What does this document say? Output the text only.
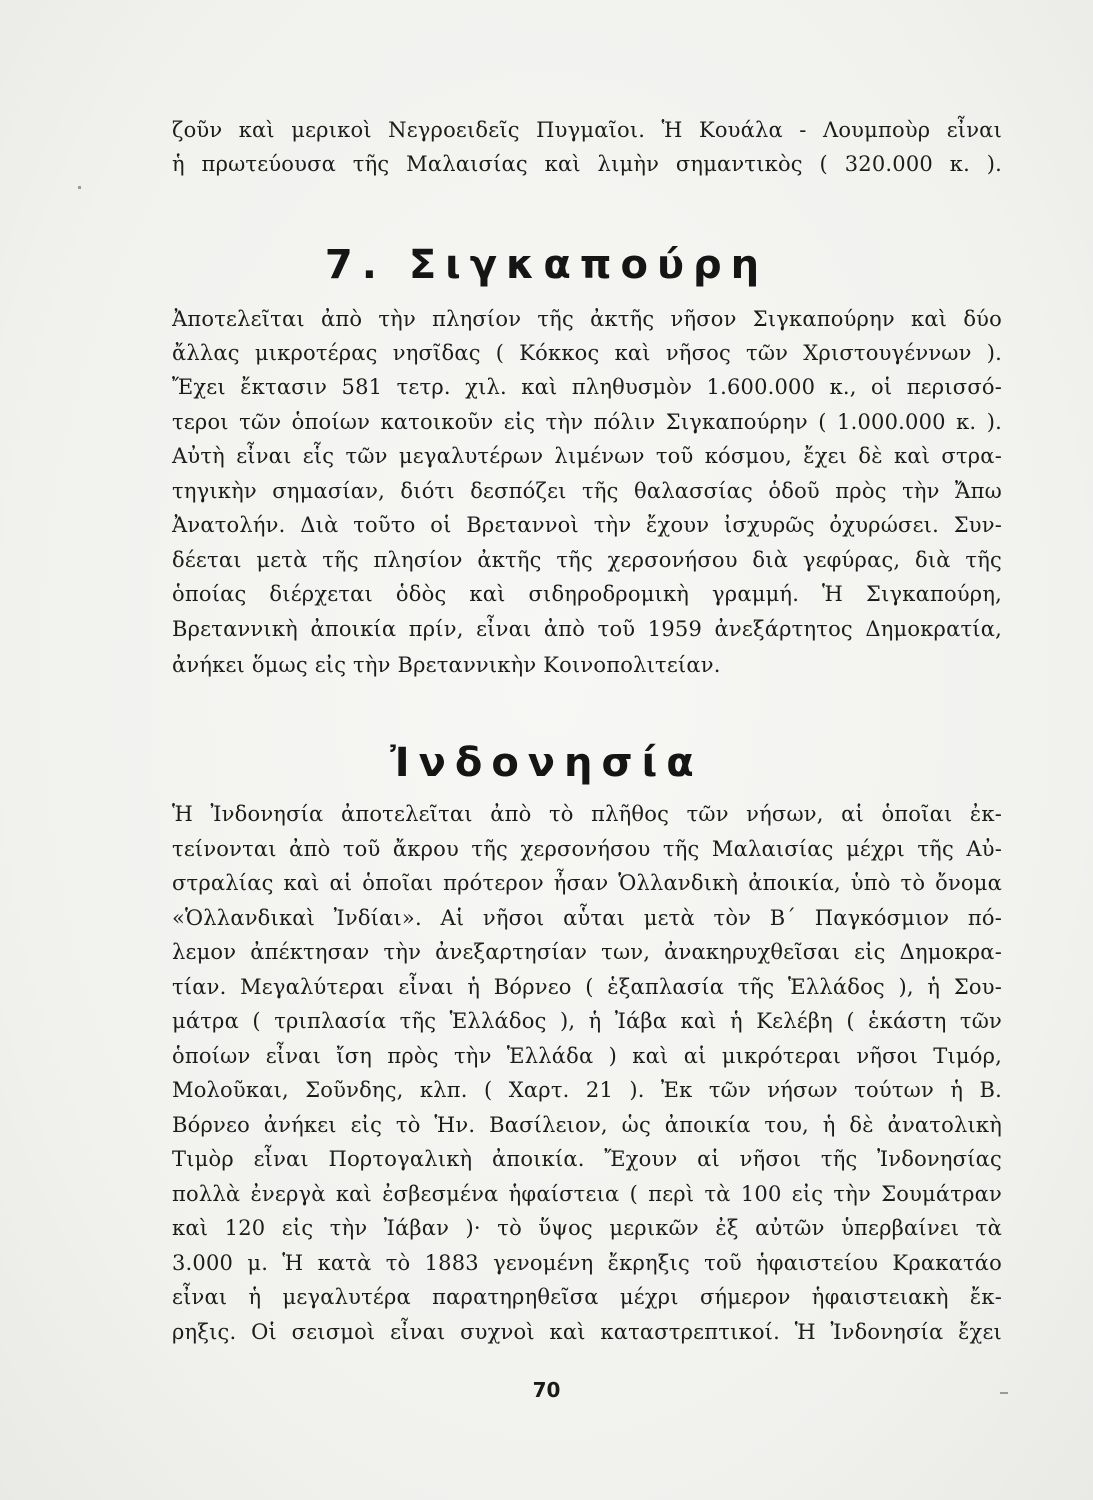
ζοῦν καὶ μερικοὶ Νεγροειδεῖς Πυγμαῖοι. Ἡ Κουάλα - Λουμποὺρ εἶναι
ἡ πρωτεύουσα τῆς Μαλαισίας καὶ λιμὴν σημαντικὸς ( 320.000 κ. ).
7. Σιγκαπούρη
Ἀποτελεῖται ἀπὸ τὴν πλησίον τῆς ἀκτῆς νῆσον Σιγκαπούρην καὶ δύο
ἄλλας μικροτέρας νησῖδας ( Κόκκος καὶ νῆσος τῶν Χριστουγέννων ).
Ἔχει ἔκτασιν 581 τετρ. χιλ. καὶ πληθυσμὸν 1.600.000 κ., οἱ περισσό-
τεροι τῶν ὁποίων κατοικοῦν εἰς τὴν πόλιν Σιγκαπούρην ( 1.000.000 κ. ).
Αὐτὴ εἶναι εἷς τῶν μεγαλυτέρων λιμένων τοῦ κόσμου, ἔχει δὲ καὶ στρα-
τηγικὴν σημασίαν, διότι δεσπόζει τῆς θαλασσίας ὁδοῦ πρὸς τὴν Ἄπω
Ἀνατολήν. Διὰ τοῦτο οἱ Βρεταννοὶ τὴν ἔχουν ἰσχυρῶς ὀχυρώσει. Συν-
δέεται μετὰ τῆς πλησίον ἀκτῆς τῆς χερσονήσου διὰ γεφύρας, διὰ τῆς
ὁποίας διέρχεται ὁδὸς καὶ σιδηροδρομικὴ γραμμή. Ἡ Σιγκαπούρη,
Βρεταννικὴ ἀποικία πρίν, εἶναι ἀπὸ τοῦ 1959 ἀνεξάρτητος Δημοκρατία,
ἀνήκει ὅμως εἰς τὴν Βρεταννικὴν Κοινοπολιτείαν.
Ἰνδονησία
Ἡ Ἰνδονησία ἀποτελεῖται ἀπὸ τὸ πλῆθος τῶν νήσων, αἱ ὁποῖαι ἐκ-
τείνονται ἀπὸ τοῦ ἄκρου τῆς χερσονήσου τῆς Μαλαισίας μέχρι τῆς Αὐ-
στραλίας καὶ αἱ ὁποῖαι πρότερον ἦσαν Ὁλλανδικὴ ἀποικία, ὑπὸ τὸ ὄνομα
«Ὁλλανδικαὶ Ἰνδίαι». Αἱ νῆσοι αὗται μετὰ τὸν Β΄ Παγκόσμιον πό-
λεμον ἀπέκτησαν τὴν ἀνεξαρτησίαν των, ἀνακηρυχθεῖσαι εἰς Δημοκρα-
τίαν. Μεγαλύτεραι εἶναι ἡ Βόρνεο ( ἑξαπλασία τῆς Ἑλλάδος ), ἡ Σου-
μάτρα ( τριπλασία τῆς Ἑλλάδος ), ἡ Ἰάβα καὶ ἡ Κελέβη ( ἑκάστη τῶν
ὁποίων εἶναι ἴση πρὸς τὴν Ἑλλάδα ) καὶ αἱ μικρότεραι νῆσοι Τιμόρ,
Μολοῦκαι, Σοῦνδης, κλπ. ( Χαρτ. 21 ). Ἐκ τῶν νήσων τούτων ἡ Β.
Βόρνεο ἀνήκει εἰς τὸ Ἡν. Βασίλειον, ὡς ἀποικία του, ἡ δὲ ἀνατολικὴ
Τιμὸρ εἶναι Πορτογαλικὴ ἀποικία. Ἔχουν αἱ νῆσοι τῆς Ἰνδονησίας
πολλὰ ἐνεργὰ καὶ ἐσβεσμένα ἡφαίστεια ( περὶ τὰ 100 εἰς τὴν Σουμάτραν
καὶ 120 εἰς τὴν Ἰάβαν )· τὸ ὕψος μερικῶν ἐξ αὐτῶν ὑπερβαίνει τὰ
3.000 μ. Ἡ κατὰ τὸ 1883 γενομένη ἔκρηξις τοῦ ἡφαιστείου Κρακατάο
εἶναι ἡ μεγαλυτέρα παρατηρηθεῖσα μέχρι σήμερον ἡφαιστειακὴ ἔκ-
ρηξις. Οἱ σεισμοὶ εἶναι συχνοὶ καὶ καταστρεπτικοί. Ἡ Ἰνδονησία ἔχει
70
